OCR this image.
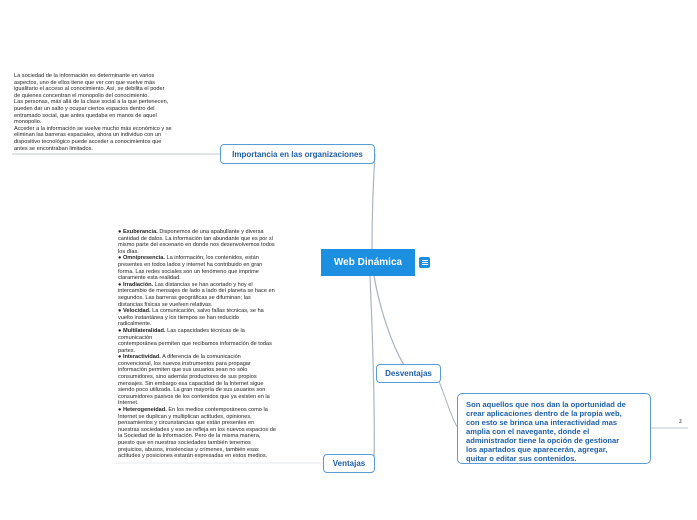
Web Dinámica
Importancia en las organizaciones
Desventajas
Ventajas

La sociedad de la información es determinante en varios

aspectos, uno de ellos tiene que ver con que vuelve más

igualitario el acceso al conocimiento. Así, se debilita el poder

de quienes concentran el monopolio del conocimiento.

Las personas, más allá de la clase social a la que pertenecen,

pueden dar un salto y ocupar ciertos espacios dentro del

entramado social, que antes quedaba en manos de aquel

monopolio.

Acceder a la información se vuelve mucho más económico y se

eliminan las barreras espaciales, ahora un individuo con un

dispositivo tecnológico puede acceder a conocimientos que

antes se encontraban limitados.

● Exuberancia. Disponemos de una apabullante y diversa

cantidad de datos. La información tan abundante que es por sí

mismo parte del escenario en donde nos desenvolvemos todos

los días.

● Omnipresencia. La información, los contenidos, están

presentes en todos lados y internet ha contribuido en gran

forma. Las redes sociales son un fenómeno que imprime

claramente esta realidad.

● Irradiación. Las distancias se han acortado y hoy el

intercambio de mensajes de lado a lado del planeta se hace en

segundos. Las barreras geográficas se difuminan; las

distancias físicas se vuelven relativas.

● Velocidad. La comunicación, salvo fallas técnicas, se ha

vuelto instantánea y los tiempos se han reducido

radicalmente.

● Multilateralidad. Las capacidades técnicas de la

comunicación

contemporánea permiten que recibamos información de todas

partes.

● Interactividad. A diferencia de la comunicación

convencional, los nuevos instrumentos para propagar

información permiten que sus usuarios sean no sólo

consumidores, sino además productores de sus propios

mensajes. Sin embargo esa capacidad de la Internet sigue

siendo poco utilizada. La gran mayoría de sus usuarios son

consumidores pasivos de los contenidos que ya existen en la

Internet.

● Heterogeneidad. En los medios contemporáneos como la

Internet se duplican y multiplican actitudes, opiniones,

pensamientos y circunstancias que están presentes en

nuestras sociedades y eso se refleja en los nuevos espacios de

la Sociedad de la Información. Pero de la misma manera,

puesto que en nuestras sociedades también tenemos

prejuicios, abusos, insolencias y crímenes, también esas

actitudes y posiciones estarán expresadas en estos medios.

Son aquellos que nos dan la oportunidad de
crear aplicaciones dentro de la propia web,
con esto se brinca una interactividad mas
amplia con el navegante, donde el
administrador tiene la opción de gestionar
los apartados que aparecerán, agregar,
quitar o editar sus contenidos.
z
